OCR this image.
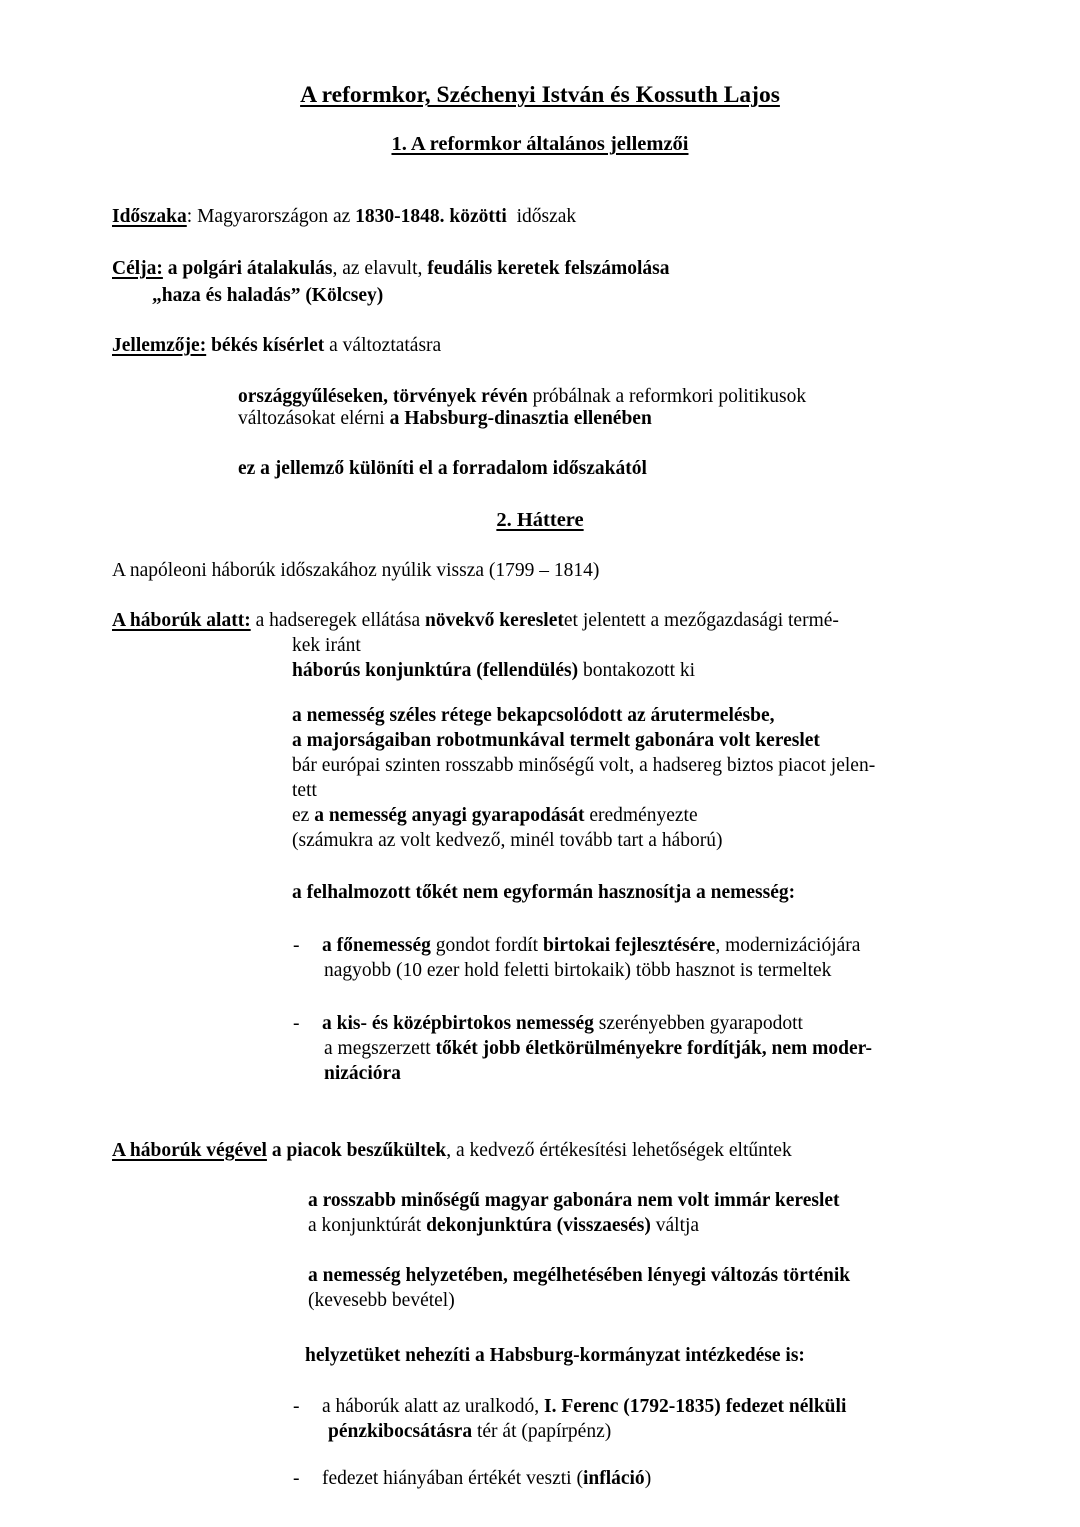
A reformkor, Széchenyi István és Kossuth Lajos
1. A reformkor általános jellemzői
Időszaka: Magyarországon az 1830-1848. közötti  időszak
Célja: a polgári átalakulás, az elavult, feudális keretek felszámolása
„haza és haladás” (Kölcsey)
Jellemzője: békés kísérlet a változtatásra
országgyűléseken, törvények révén próbálnak a reformkori politikusok
változásokat elérni a Habsburg-dinasztia ellenében
ez a jellemző különíti el a forradalom időszakától
2. Háttere
A napóleoni háborúk időszakához nyúlik vissza (1799 – 1814)
A háborúk alatt: a hadseregek ellátása növekvő keresletet jelentett a mezőgazdasági termé-
kek iránt
háborús konjunktúra (fellendülés) bontakozott ki
a nemesség széles rétege bekapcsolódott az árutermelésbe,
a majorságaiban robotmunkával termelt gabonára volt kereslet
bár európai szinten rosszabb minőségű volt, a hadsereg biztos piacot jelen-
tett
ez a nemesség anyagi gyarapodását eredményezte
(számukra az volt kedvező, minél tovább tart a háború)
a felhalmozott tőkét nem egyformán hasznosítja a nemesség:
- a főnemesség gondot fordít birtokai fejlesztésére, modernizációjára
nagyobb (10 ezer hold feletti birtokaik) több hasznot is termeltek
- a kis- és középbirtokos nemesség szerényebben gyarapodott
a megszerzett tőkét jobb életkörülményekre fordítják, nem moder-
nizációra
A háborúk végével a piacok beszűkültek, a kedvező értékesítési lehetőségek eltűntek
a rosszabb minőségű magyar gabonára nem volt immár kereslet
a konjunktúrát dekonjunktúra (visszaesés) váltja
a nemesség helyzetében, megélhetésében lényegi változás történik
(kevesebb bevétel)
helyzetüket nehezíti a Habsburg-kormányzat intézkedése is:
- a háborúk alatt az uralkodó, I. Ferenc (1792-1835) fedezet nélküli
pénzkibocsátásra tér át (papírpénz)
- fedezet hiányában értékét veszti (infláció)
